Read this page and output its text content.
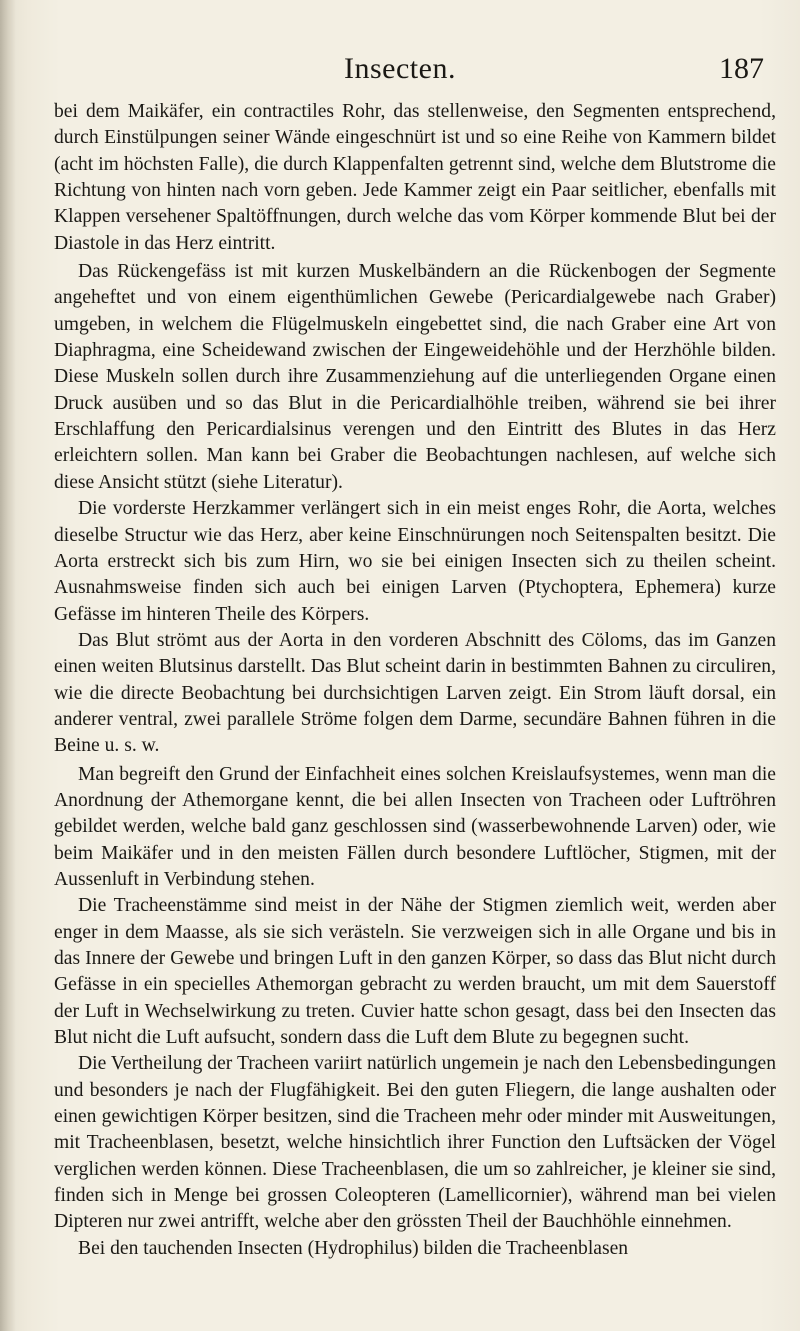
Insecten.	187

bei dem Maikäfer, ein contractiles Rohr, das stellenweise, den Segmenten entsprechend, durch Einstülpungen seiner Wände eingeschnürt ist und so eine Reihe von Kammern bildet (acht im höchsten Falle), die durch Klappenfalten getrennt sind, welche dem Blutstrome die Richtung von hinten nach vorn geben. Jede Kammer zeigt ein Paar seitlicher, ebenfalls mit Klappen versehener Spaltöffnungen, durch welche das vom Körper kommende Blut bei der Diastole in das Herz eintritt.

Das Rückengefäss ist mit kurzen Muskelbändern an die Rückenbogen der Segmente angeheftet und von einem eigenthümlichen Gewebe (Pericardialgewebe nach Graber) umgeben, in welchem die Flügelmuskeln eingebettet sind, die nach Graber eine Art von Diaphragma, eine Scheidewand zwischen der Eingeweidehöhle und der Herzhöhle bilden. Diese Muskeln sollen durch ihre Zusammenziehung auf die unterliegenden Organe einen Druck ausüben und so das Blut in die Pericardialhöhle treiben, während sie bei ihrer Erschlaffung den Pericardialsinus verengen und den Eintritt des Blutes in das Herz erleichtern sollen. Man kann bei Graber die Beobachtungen nachlesen, auf welche sich diese Ansicht stützt (siehe Literatur).

Die vorderste Herzkammer verlängert sich in ein meist enges Rohr, die Aorta, welches dieselbe Structur wie das Herz, aber keine Einschnürungen noch Seitenspalten besitzt. Die Aorta erstreckt sich bis zum Hirn, wo sie bei einigen Insecten sich zu theilen scheint. Ausnahmsweise finden sich auch bei einigen Larven (Ptychoptera, Ephemera) kurze Gefässe im hinteren Theile des Körpers.

Das Blut strömt aus der Aorta in den vorderen Abschnitt des Cöloms, das im Ganzen einen weiten Blutsinus darstellt. Das Blut scheint darin in bestimmten Bahnen zu circuliren, wie die directe Beobachtung bei durchsichtigen Larven zeigt. Ein Strom läuft dorsal, ein anderer ventral, zwei parallele Ströme folgen dem Darme, secundäre Bahnen führen in die Beine u. s. w.

Man begreift den Grund der Einfachheit eines solchen Kreislaufsystemes, wenn man die Anordnung der Athemorgane kennt, die bei allen Insecten von Tracheen oder Luftröhren gebildet werden, welche bald ganz geschlossen sind (wasserbewohnende Larven) oder, wie beim Maikäfer und in den meisten Fällen durch besondere Luftlöcher, Stigmen, mit der Aussenluft in Verbindung stehen.

Die Tracheenstämme sind meist in der Nähe der Stigmen ziemlich weit, werden aber enger in dem Maasse, als sie sich verästeln. Sie verzweigen sich in alle Organe und bis in das Innere der Gewebe und bringen Luft in den ganzen Körper, so dass das Blut nicht durch Gefässe in ein specielles Athemorgan gebracht zu werden braucht, um mit dem Sauerstoff der Luft in Wechselwirkung zu treten. Cuvier hatte schon gesagt, dass bei den Insecten das Blut nicht die Luft aufsucht, sondern dass die Luft dem Blute zu begegnen sucht.

Die Vertheilung der Tracheen variirt natürlich ungemein je nach den Lebensbedingungen und besonders je nach der Flugfähigkeit. Bei den guten Fliegern, die lange aushalten oder einen gewichtigen Körper besitzen, sind die Tracheen mehr oder minder mit Ausweitungen, mit Tracheenblasen, besetzt, welche hinsichtlich ihrer Function den Luftsäcken der Vögel verglichen werden können. Diese Tracheenblasen, die um so zahlreicher, je kleiner sie sind, finden sich in Menge bei grossen Coleopteren (Lamellicornier), während man bei vielen Dipteren nur zwei antrifft, welche aber den grössten Theil der Bauchhöhle einnehmen.

Bei den tauchenden Insecten (Hydrophilus) bilden die Tracheenblasen
